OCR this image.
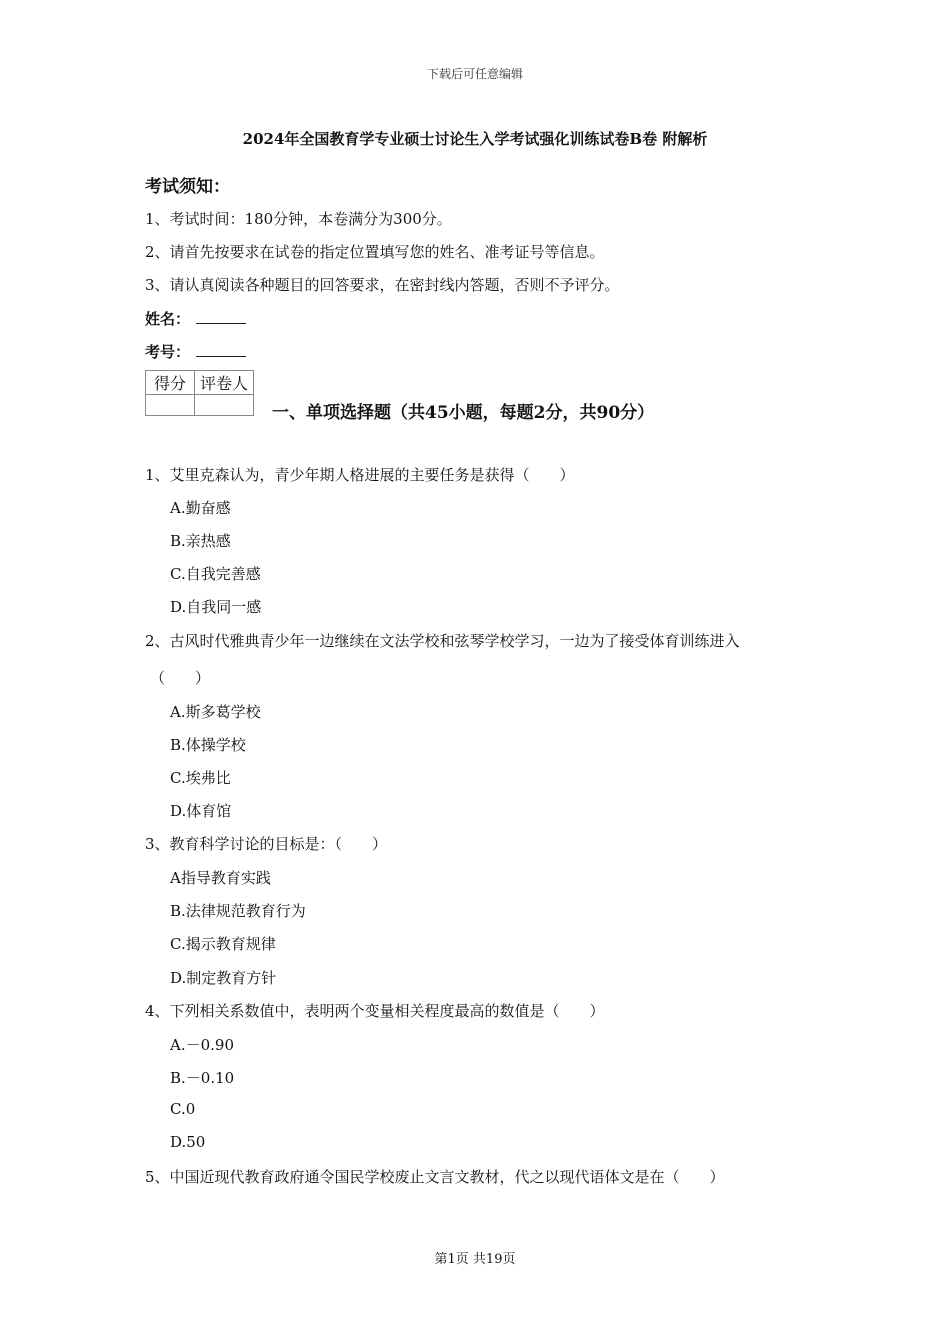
下载后可任意编辑
2024年全国教育学专业硕士讨论生入学考试强化训练试卷B卷 附解析
考试须知：
1、考试时间：180分钟，本卷满分为300分。
2、请首先按要求在试卷的指定位置填写您的姓名、准考证号等信息。
3、请认真阅读各种题目的回答要求，在密封线内答题，否则不予评分。
姓名：
考号：
得分	评卷人

一、单项选择题（共45小题，每题2分，共90分）
1、艾里克森认为，青少年期人格进展的主要任务是获得（　　）
A.勤奋感
B.亲热感
C.自我完善感
D.自我同一感
2、古风时代雅典青少年一边继续在文法学校和弦琴学校学习，一边为了接受体育训练进入
（　　）
A.斯多葛学校
B.体操学校
C.埃弗比
D.体育馆
3、教育科学讨论的目标是：（　　）
A指导教育实践
B.法律规范教育行为
C.揭示教育规律
D.制定教育方针
4、下列相关系数值中，表明两个变量相关程度最高的数值是（　　）
A.－0.90
B.－0.10
C.0
D.50
5、中国近现代教育政府通令国民学校废止文言文教材，代之以现代语体文是在（　　）
第1页 共19页
